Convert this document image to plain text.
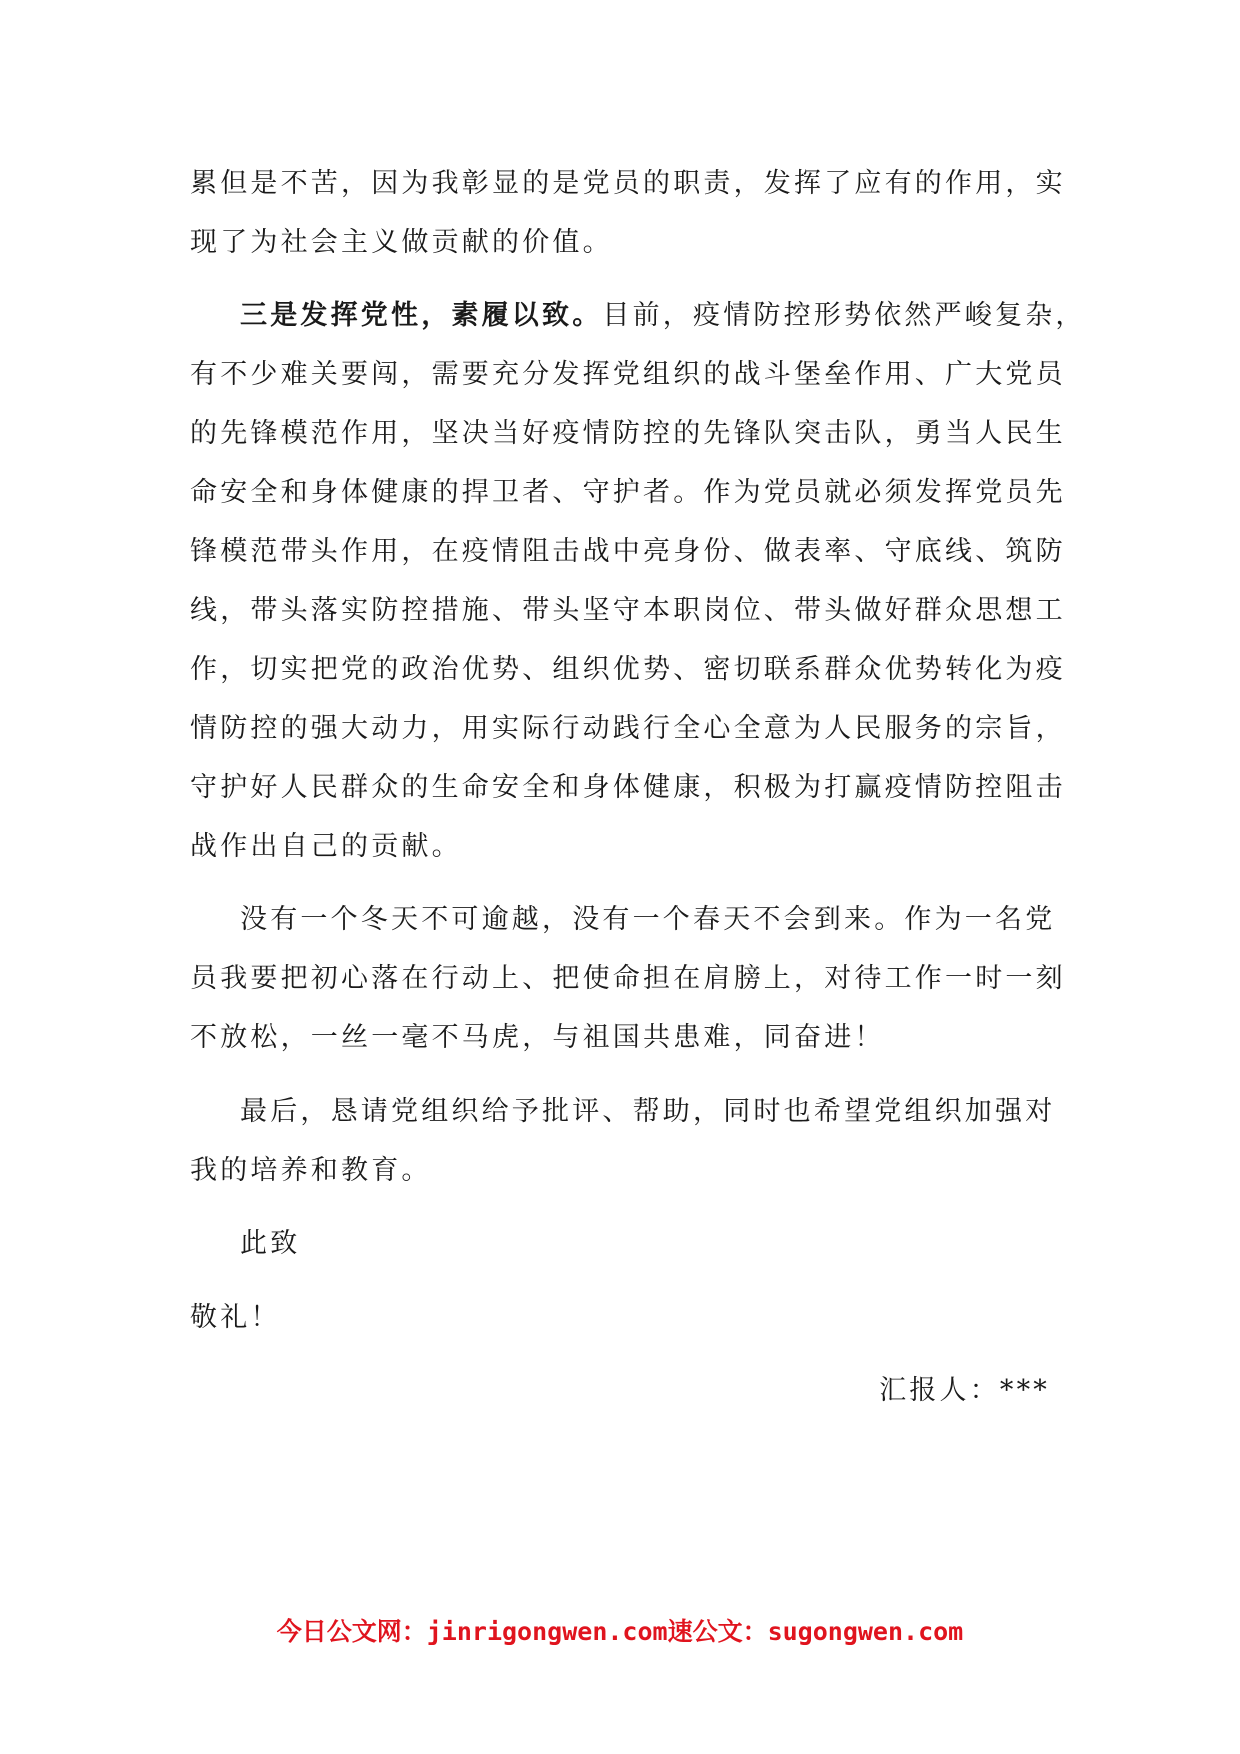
累但是不苦，因为我彰显的是党员的职责，发挥了应有的作用，实
现了为社会主义做贡献的价值。
三是发挥党性，素履以致。目前，疫情防控形势依然严峻复杂，
有不少难关要闯，需要充分发挥党组织的战斗堡垒作用、广大党员
的先锋模范作用，坚决当好疫情防控的先锋队突击队，勇当人民生
命安全和身体健康的捍卫者、守护者。作为党员就必须发挥党员先
锋模范带头作用，在疫情阻击战中亮身份、做表率、守底线、筑防
线，带头落实防控措施、带头坚守本职岗位、带头做好群众思想工
作，切实把党的政治优势、组织优势、密切联系群众优势转化为疫
情防控的强大动力，用实际行动践行全心全意为人民服务的宗旨，
守护好人民群众的生命安全和身体健康，积极为打赢疫情防控阻击
战作出自己的贡献。
没有一个冬天不可逾越，没有一个春天不会到来。作为一名党
员我要把初心落在行动上、把使命担在肩膀上，对待工作一时一刻
不放松，一丝一毫不马虎，与祖国共患难，同奋进！
最后，恳请党组织给予批评、帮助，同时也希望党组织加强对
我的培养和教育。
此致
敬礼！
汇报人：***
今日公文网：jinrigongwen.com速公文：sugongwen.com
